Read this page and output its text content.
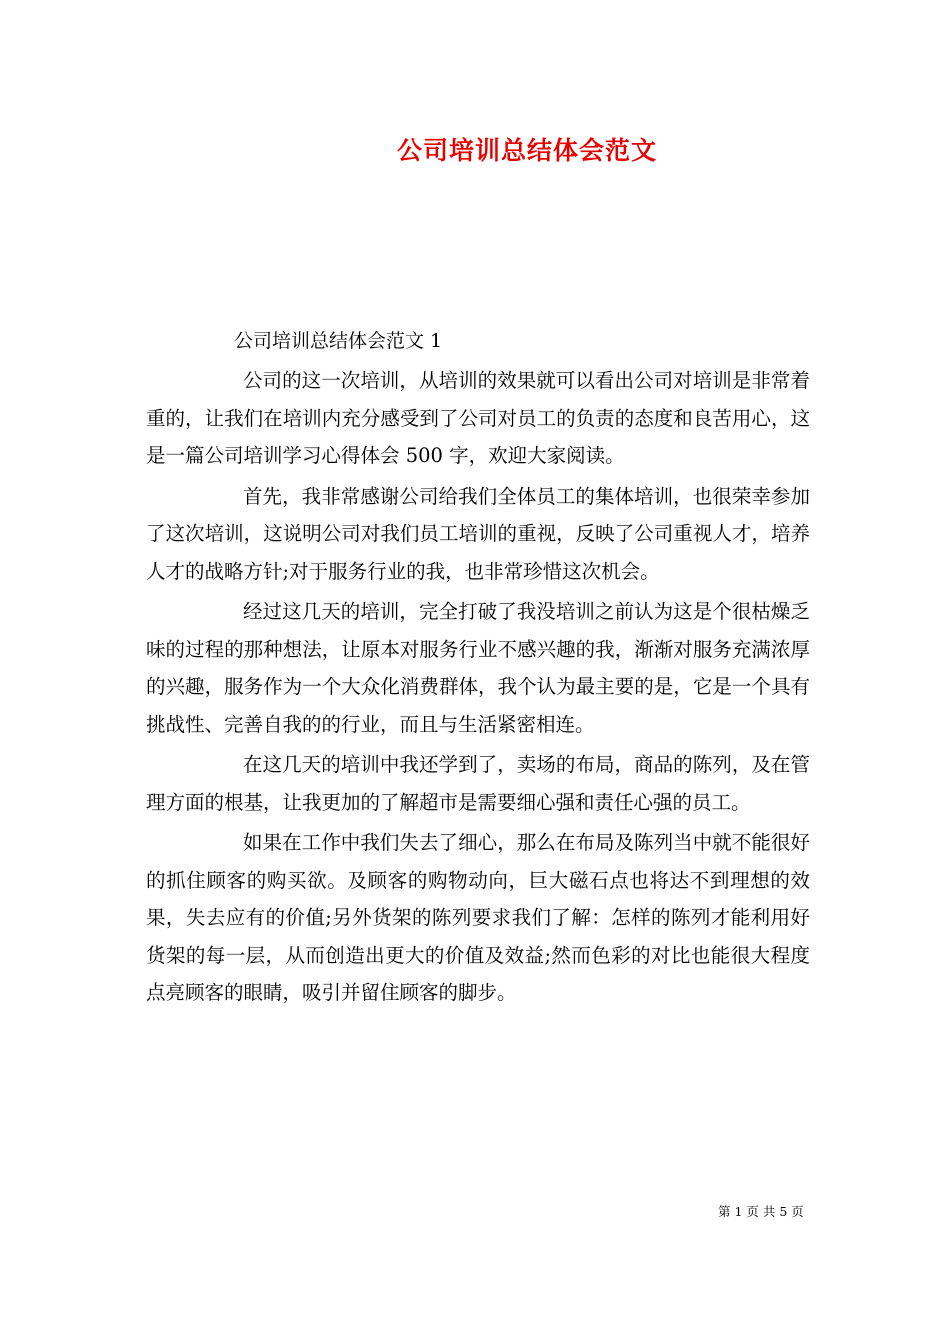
公司培训总结体会范文
公司培训总结体会范文 1

公司的这一次培训，从培训的效果就可以看出公司对培训是非常着重的，让我们在培训内充分感受到了公司对员工的负责的态度和良苦用心，这是一篇公司培训学习心得体会 500 字，欢迎大家阅读。

首先，我非常感谢公司给我们全体员工的集体培训，也很荣幸参加了这次培训，这说明公司对我们员工培训的重视，反映了公司重视人才，培养人才的战略方针;对于服务行业的我，也非常珍惜这次机会。

经过这几天的培训，完全打破了我没培训之前认为这是个很枯燥乏味的过程的那种想法，让原本对服务行业不感兴趣的我，渐渐对服务充满浓厚的兴趣，服务作为一个大众化消费群体，我个认为最主要的是，它是一个具有挑战性、完善自我的的行业，而且与生活紧密相连。

在这几天的培训中我还学到了，卖场的布局，商品的陈列，及在管理方面的根基，让我更加的了解超市是需要细心强和责任心强的员工。

如果在工作中我们失去了细心，那么在布局及陈列当中就不能很好的抓住顾客的购买欲。及顾客的购物动向，巨大磁石点也将达不到理想的效果，失去应有的价值;另外货架的陈列要求我们了解：怎样的陈列才能利用好货架的每一层，从而创造出更大的价值及效益;然而色彩的对比也能很大程度点亮顾客的眼睛，吸引并留住顾客的脚步。

第 1 页 共 5 页
